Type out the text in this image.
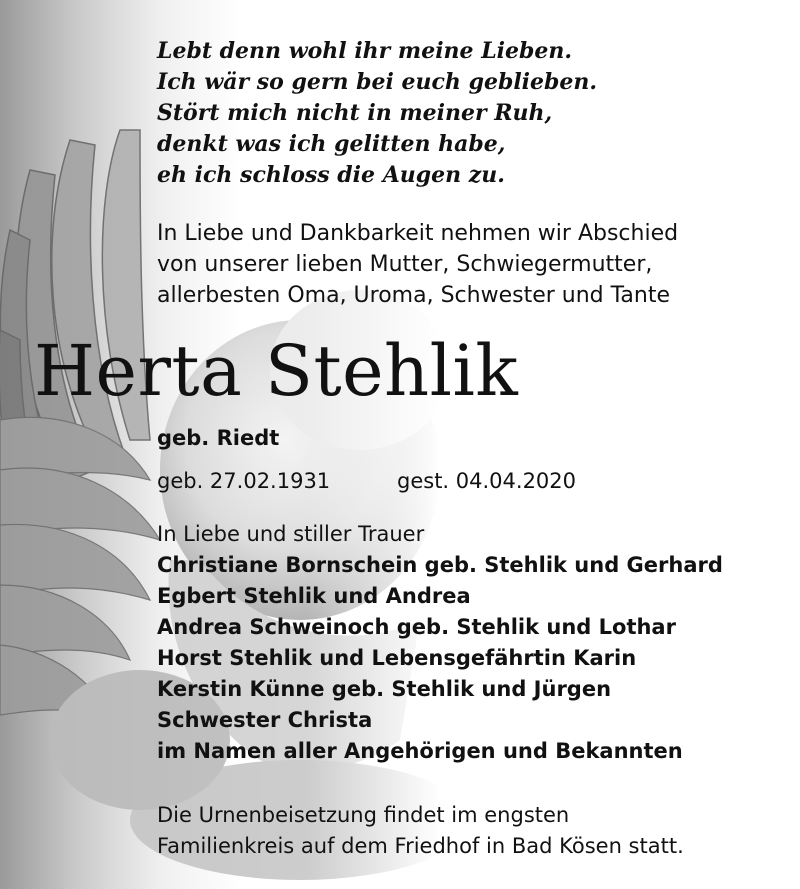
Lebt denn wohl ihr meine Lieben.
Ich wär so gern bei euch geblieben.
Stört mich nicht in meiner Ruh,
denkt was ich gelitten habe,
eh ich schloss die Augen zu.
In Liebe und Dankbarkeit nehmen wir Abschied
von unserer lieben Mutter, Schwiegermutter,
allerbesten Oma, Uroma, Schwester und Tante
Herta Stehlik
geb. Riedt
geb. 27.02.1931	gest. 04.04.2020
In Liebe und stiller Trauer
Christiane Bornschein geb. Stehlik und Gerhard
Egbert Stehlik und Andrea
Andrea Schweinoch geb. Stehlik und Lothar
Horst Stehlik und Lebensgefährtin Karin
Kerstin Künne geb. Stehlik und Jürgen
Schwester Christa
im Namen aller Angehörigen und Bekannten
Die Urnenbeisetzung findet im engsten
Familienkreis auf dem Friedhof in Bad Kösen statt.
